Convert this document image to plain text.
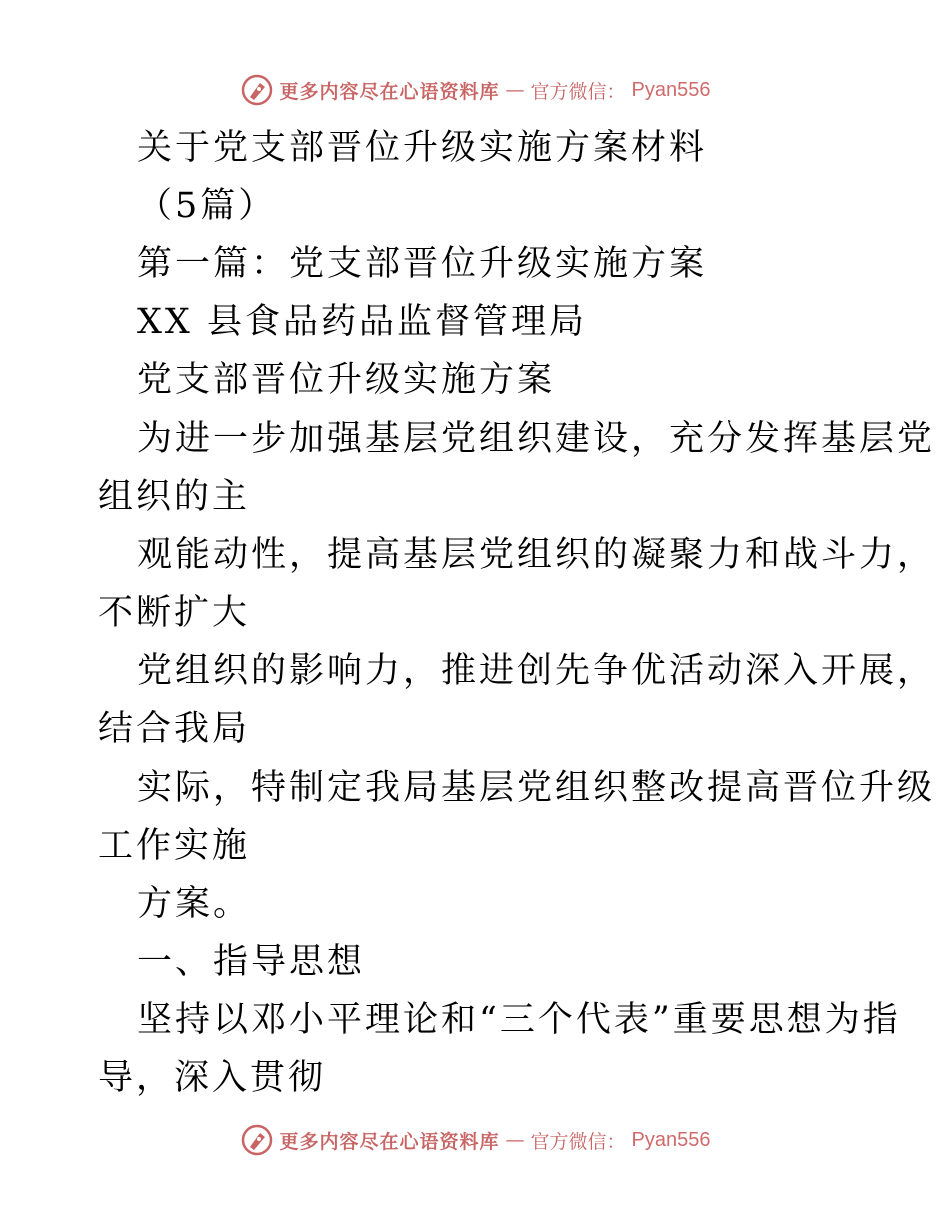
更多内容尽在心语资料库 — 官方微信： Pyan556
关于党支部晋位升级实施方案材料
（5篇）
第一篇：党支部晋位升级实施方案
XX 县食品药品监督管理局
党支部晋位升级实施方案
为进一步加强基层党组织建设，充分发挥基层党
组织的主
观能动性，提高基层党组织的凝聚力和战斗力，
不断扩大
党组织的影响力，推进创先争优活动深入开展，
结合我局
实际，特制定我局基层党组织整改提高晋位升级
工作实施
方案。
一、指导思想
坚持以邓小平理论和“三个代表”重要思想为指
导，深入贯彻
更多内容尽在心语资料库 — 官方微信： Pyan556
